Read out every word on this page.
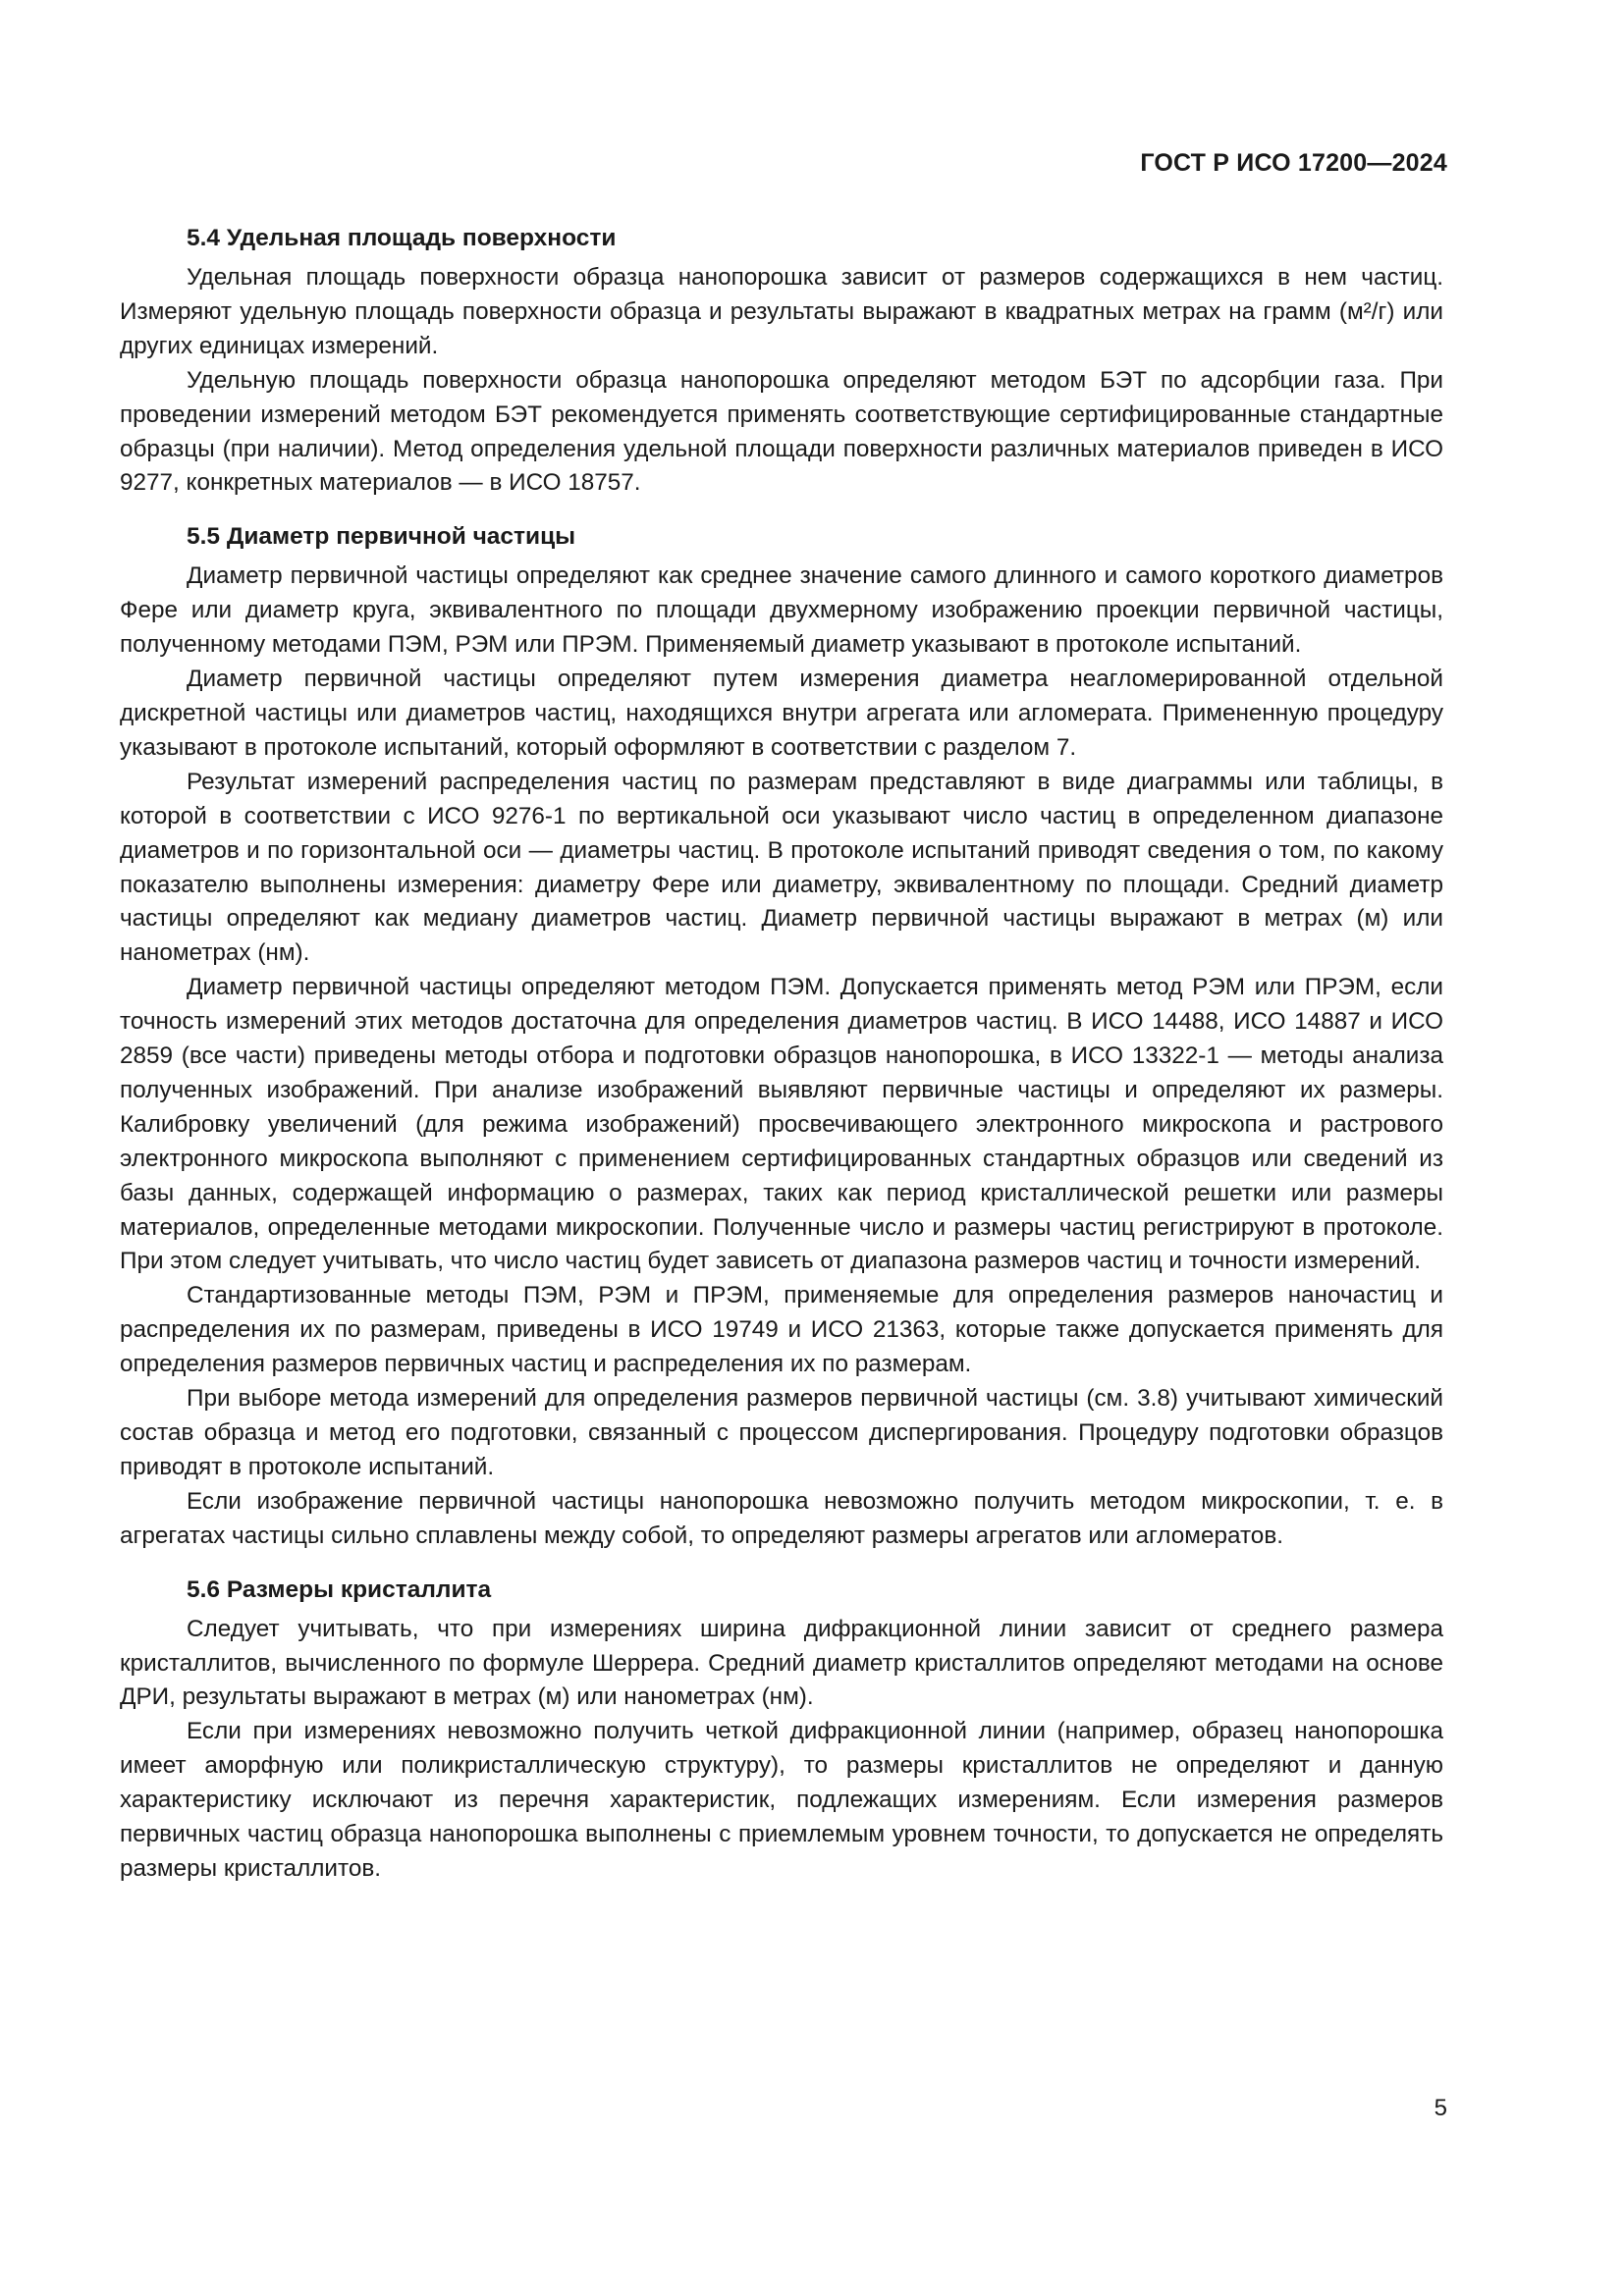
ГОСТ Р ИСО 17200—2024
5.4 Удельная площадь поверхности

Удельная площадь поверхности образца нанопорошка зависит от размеров содержащихся в нем частиц. Измеряют удельную площадь поверхности образца и результаты выражают в квадратных метрах на грамм (м²/г) или других единицах измерений.

Удельную площадь поверхности образца нанопорошка определяют методом БЭТ по адсорбции газа. При проведении измерений методом БЭТ рекомендуется применять соответствующие сертифицированные стандартные образцы (при наличии). Метод определения удельной площади поверхности различных материалов приведен в ИСО 9277, конкретных материалов — в ИСО 18757.

5.5 Диаметр первичной частицы

Диаметр первичной частицы определяют как среднее значение самого длинного и самого короткого диаметров Фере или диаметр круга, эквивалентного по площади двухмерному изображению проекции первичной частицы, полученному методами ПЭМ, РЭМ или ПРЭМ. Применяемый диаметр указывают в протоколе испытаний.

Диаметр первичной частицы определяют путем измерения диаметра неагломерированной отдельной дискретной частицы или диаметров частиц, находящихся внутри агрегата или агломерата. Примененную процедуру указывают в протоколе испытаний, который оформляют в соответствии с разделом 7.

Результат измерений распределения частиц по размерам представляют в виде диаграммы или таблицы, в которой в соответствии с ИСО 9276-1 по вертикальной оси указывают число частиц в определенном диапазоне диаметров и по горизонтальной оси — диаметры частиц. В протоколе испытаний приводят сведения о том, по какому показателю выполнены измерения: диаметру Фере или диаметру, эквивалентному по площади. Средний диаметр частицы определяют как медиану диаметров частиц. Диаметр первичной частицы выражают в метрах (м) или нанометрах (нм).

Диаметр первичной частицы определяют методом ПЭМ. Допускается применять метод РЭМ или ПРЭМ, если точность измерений этих методов достаточна для определения диаметров частиц. В ИСО 14488, ИСО 14887 и ИСО 2859 (все части) приведены методы отбора и подготовки образцов нанопорошка, в ИСО 13322-1 — методы анализа полученных изображений. При анализе изображений выявляют первичные частицы и определяют их размеры. Калибровку увеличений (для режима изображений) просвечивающего электронного микроскопа и растрового электронного микроскопа выполняют с применением сертифицированных стандартных образцов или сведений из базы данных, содержащей информацию о размерах, таких как период кристаллической решетки или размеры материалов, определенные методами микроскопии. Полученные число и размеры частиц регистрируют в протоколе. При этом следует учитывать, что число частиц будет зависеть от диапазона размеров частиц и точности измерений.

Стандартизованные методы ПЭМ, РЭМ и ПРЭМ, применяемые для определения размеров наночастиц и распределения их по размерам, приведены в ИСО 19749 и ИСО 21363, которые также допускается применять для определения размеров первичных частиц и распределения их по размерам.

При выборе метода измерений для определения размеров первичной частицы (см. 3.8) учитывают химический состав образца и метод его подготовки, связанный с процессом диспергирования. Процедуру подготовки образцов приводят в протоколе испытаний.

Если изображение первичной частицы нанопорошка невозможно получить методом микроскопии, т. е. в агрегатах частицы сильно сплавлены между собой, то определяют размеры агрегатов или агломератов.

5.6 Размеры кристаллита

Следует учитывать, что при измерениях ширина дифракционной линии зависит от среднего размера кристаллитов, вычисленного по формуле Шеррера. Средний диаметр кристаллитов определяют методами на основе ДРИ, результаты выражают в метрах (м) или нанометрах (нм).

Если при измерениях невозможно получить четкой дифракционной линии (например, образец нанопорошка имеет аморфную или поликристаллическую структуру), то размеры кристаллитов не определяют и данную характеристику исключают из перечня характеристик, подлежащих измерениям. Если измерения размеров первичных частиц образца нанопорошка выполнены с приемлемым уровнем точности, то допускается не определять размеры кристаллитов.

5
